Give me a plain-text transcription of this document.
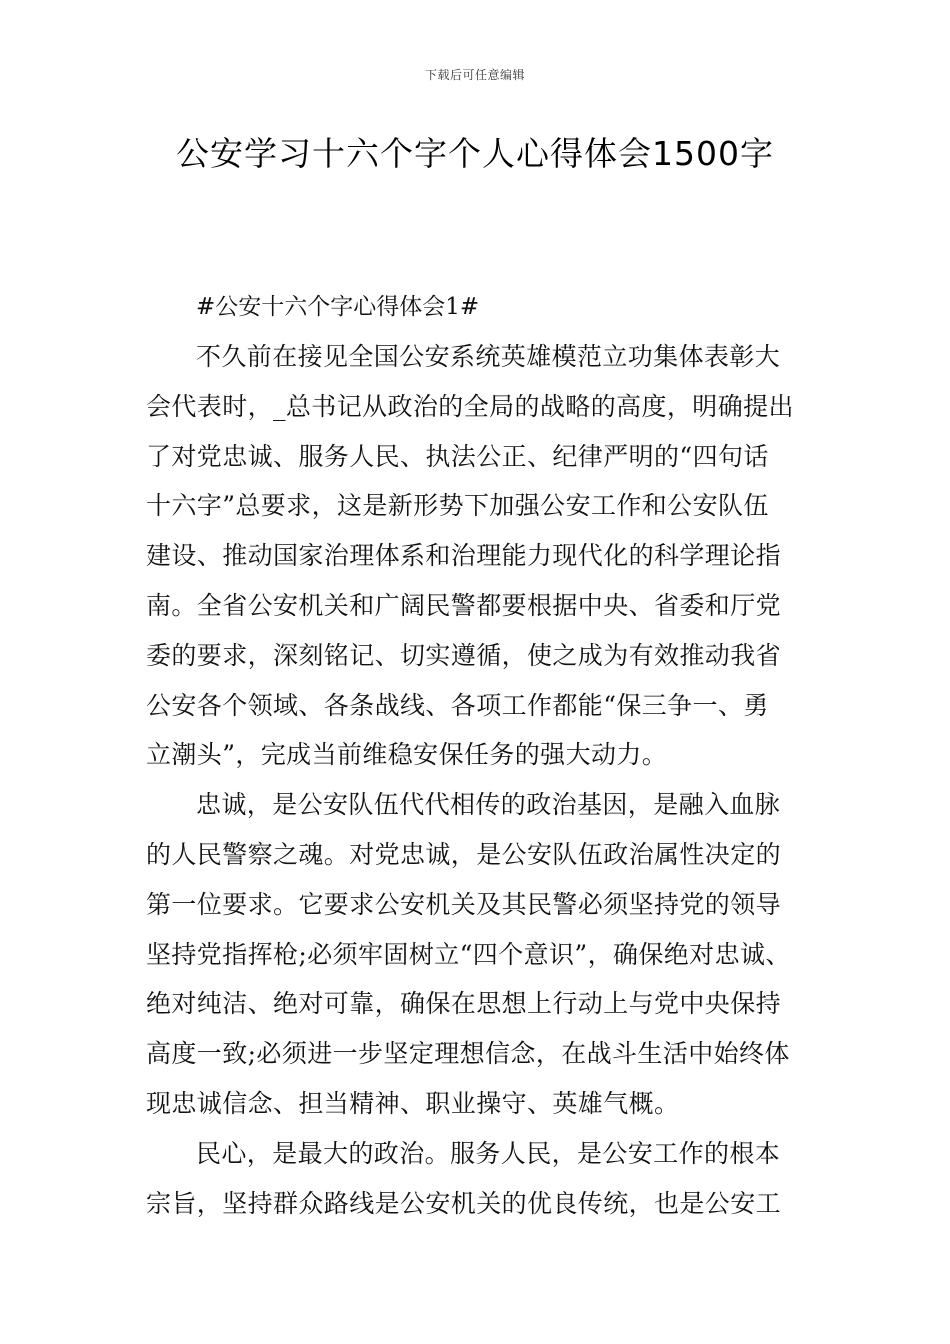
下载后可任意编辑
公安学习十六个字个人心得体会1500字
#公安十六个字心得体会1#
不久前在接见全国公安系统英雄模范立功集体表彰大
会代表时，_总书记从政治的全局的战略的高度，明确提出
了对党忠诚、服务人民、执法公正、纪律严明的“四句话
十六字”总要求，这是新形势下加强公安工作和公安队伍
建设、推动国家治理体系和治理能力现代化的科学理论指
南。全省公安机关和广阔民警都要根据中央、省委和厅党
委的要求，深刻铭记、切实遵循，使之成为有效推动我省
公安各个领域、各条战线、各项工作都能“保三争一、勇
立潮头”，完成当前维稳安保任务的强大动力。
忠诚，是公安队伍代代相传的政治基因，是融入血脉
的人民警察之魂。对党忠诚，是公安队伍政治属性决定的
第一位要求。它要求公安机关及其民警必须坚持党的领导
坚持党指挥枪;必须牢固树立“四个意识”，确保绝对忠诚、
绝对纯洁、绝对可靠，确保在思想上行动上与党中央保持
高度一致;必须进一步坚定理想信念，在战斗生活中始终体
现忠诚信念、担当精神、职业操守、英雄气概。
民心，是最大的政治。服务人民，是公安工作的根本
宗旨，坚持群众路线是公安机关的优良传统，也是公安工
